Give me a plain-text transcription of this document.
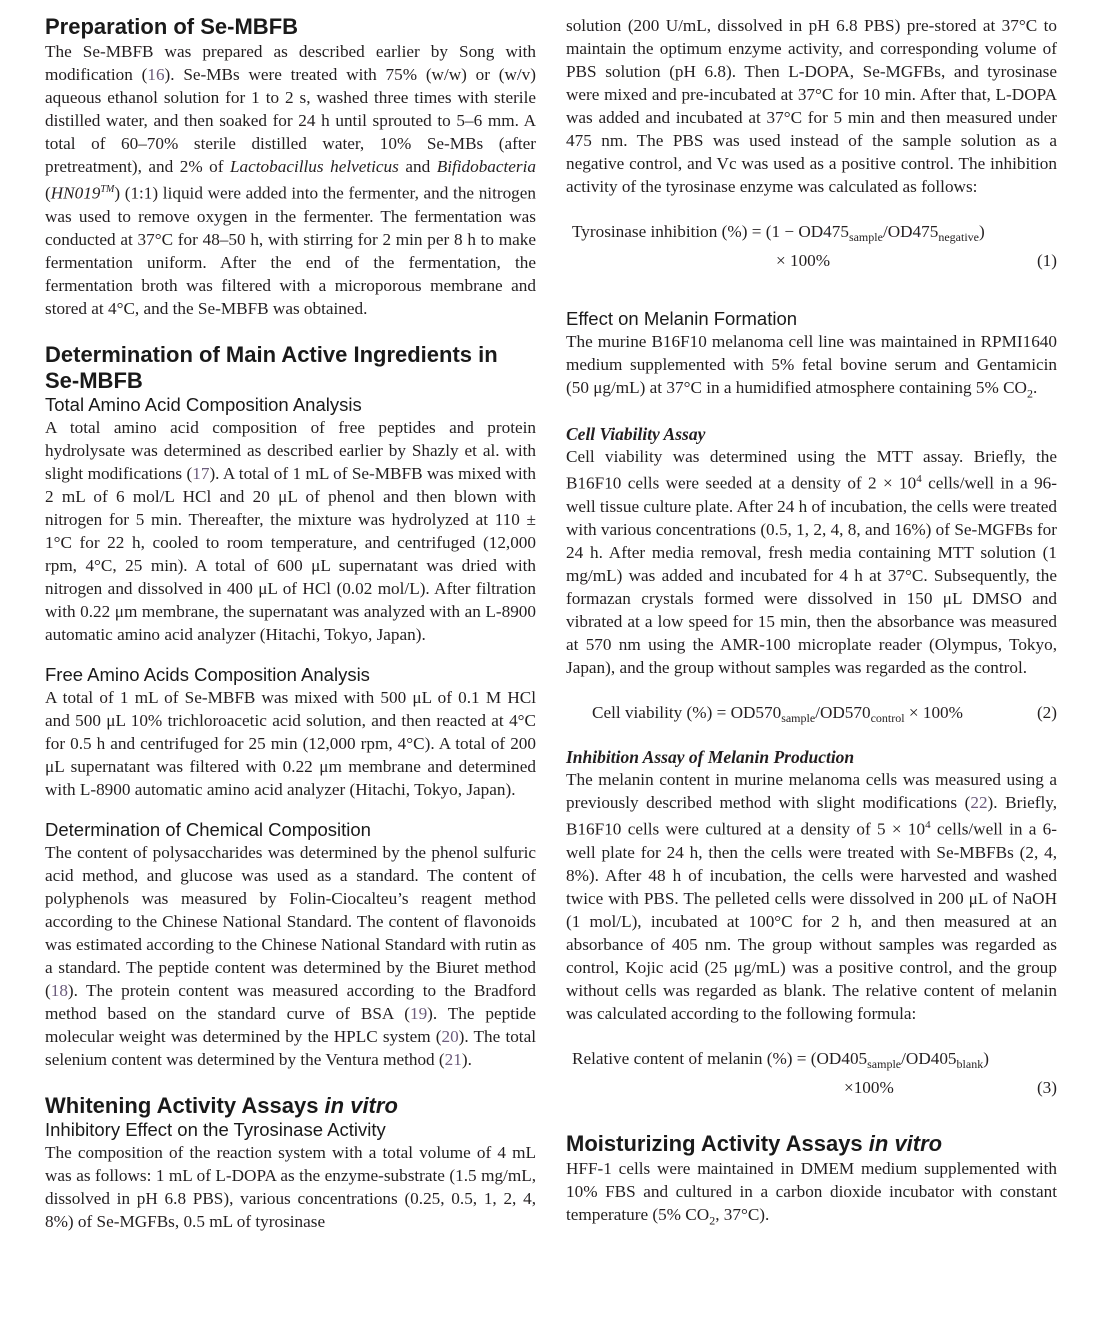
Preparation of Se-MBFB

The Se-MBFB was prepared as described earlier by Song with modification (16). Se-MBs were treated with 75% (w/w) or (w/v) aqueous ethanol solution for 1 to 2 s, washed three times with sterile distilled water, and then soaked for 24 h until sprouted to 5–6 mm. A total of 60–70% sterile distilled water, 10% Se-MBs (after pretreatment), and 2% of Lactobacillus helveticus and Bifidobacteria (HN019™) (1:1) liquid were added into the fermenter, and the nitrogen was used to remove oxygen in the fermenter. The fermentation was conducted at 37°C for 48–50 h, with stirring for 2 min per 8 h to make fermentation uniform. After the end of the fermentation, the fermentation broth was filtered with a microporous membrane and stored at 4°C, and the Se-MBFB was obtained.

Determination of Main Active Ingredients in Se-MBFB
Total Amino Acid Composition Analysis

A total amino acid composition of free peptides and protein hydrolysate was determined as described earlier by Shazly et al. with slight modifications (17). A total of 1 mL of Se-MBFB was mixed with 2 mL of 6 mol/L HCl and 20 μL of phenol and then blown with nitrogen for 5 min. Thereafter, the mixture was hydrolyzed at 110 ± 1°C for 22 h, cooled to room temperature, and centrifuged (12,000 rpm, 4°C, 25 min). A total of 600 μL supernatant was dried with nitrogen and dissolved in 400 μL of HCl (0.02 mol/L). After filtration with 0.22 μm membrane, the supernatant was analyzed with an L-8900 automatic amino acid analyzer (Hitachi, Tokyo, Japan).

Free Amino Acids Composition Analysis

A total of 1 mL of Se-MBFB was mixed with 500 μL of 0.1 M HCl and 500 μL 10% trichloroacetic acid solution, and then reacted at 4°C for 0.5 h and centrifuged for 25 min (12,000 rpm, 4°C). A total of 200 μL supernatant was filtered with 0.22 μm membrane and determined with L-8900 automatic amino acid analyzer (Hitachi, Tokyo, Japan).

Determination of Chemical Composition

The content of polysaccharides was determined by the phenol sulfuric acid method, and glucose was used as a standard. The content of polyphenols was measured by Folin-Ciocalteu’s reagent method according to the Chinese National Standard. The content of flavonoids was estimated according to the Chinese National Standard with rutin as a standard. The peptide content was determined by the Biuret method (18). The protein content was measured according to the Bradford method based on the standard curve of BSA (19). The peptide molecular weight was determined by the HPLC system (20). The total selenium content was determined by the Ventura method (21).

Whitening Activity Assays in vitro
Inhibitory Effect on the Tyrosinase Activity

The composition of the reaction system with a total volume of 4 mL was as follows: 1 mL of L-DOPA as the enzyme-substrate (1.5 mg/mL, dissolved in pH 6.8 PBS), various concentrations (0.25, 0.5, 1, 2, 4, 8%) of Se-MGFBs, 0.5 mL of tyrosinase

solution (200 U/mL, dissolved in pH 6.8 PBS) pre-stored at 37°C to maintain the optimum enzyme activity, and corresponding volume of PBS solution (pH 6.8). Then L-DOPA, Se-MGFBs, and tyrosinase were mixed and pre-incubated at 37°C for 10 min. After that, L-DOPA was added and incubated at 37°C for 5 min and then measured under 475 nm. The PBS was used instead of the sample solution as a negative control, and Vc was used as a positive control. The inhibition activity of the tyrosinase enzyme was calculated as follows:

Tyrosinase inhibition (%) = $(1 - OD475_{sample}/OD475_{negative})$
× 100%	(1)
Effect on Melanin Formation

The murine B16F10 melanoma cell line was maintained in RPMI1640 medium supplemented with 5% fetal bovine serum and Gentamicin (50 μg/mL) at 37°C in a humidified atmosphere containing 5% $CO_2$.

Cell Viability Assay

Cell viability was determined using the MTT assay. Briefly, the B16F10 cells were seeded at a density of $2 \times 10^4$ cells/well in a 96-well tissue culture plate. After 24 h of incubation, the cells were treated with various concentrations (0.5, 1, 2, 4, 8, and 16%) of Se-MGFBs for 24 h. After media removal, fresh media containing MTT solution (1 mg/mL) was added and incubated for 4 h at 37°C. Subsequently, the formazan crystals formed were dissolved in 150 μL DMSO and vibrated at a low speed for 15 min, then the absorbance was measured at 570 nm using the AMR-100 microplate reader (Olympus, Tokyo, Japan), and the group without samples was regarded as the control.

Cell viability (%) = $OD570_{sample}/OD570_{control} \times 100\%$	(2)
Inhibition Assay of Melanin Production

The melanin content in murine melanoma cells was measured using a previously described method with slight modifications (22). Briefly, B16F10 cells were cultured at a density of $5 \times 10^4$ cells/well in a 6-well plate for 24 h, then the cells were treated with Se-MBFBs (2, 4, 8%). After 48 h of incubation, the cells were harvested and washed twice with PBS. The pelleted cells were dissolved in 200 μL of NaOH (1 mol/L), incubated at 100°C for 2 h, and then measured at an absorbance of 405 nm. The group without samples was regarded as control, Kojic acid (25 μg/mL) was a positive control, and the group without cells was regarded as blank. The relative content of melanin was calculated according to the following formula:

Relative content of melanin (%) = $(OD405_{sample}/OD405_{blank})$
×100%	(3)
Moisturizing Activity Assays in vitro

HFF-1 cells were maintained in DMEM medium supplemented with 10% FBS and cultured in a carbon dioxide incubator with constant temperature (5% $CO_2$, 37°C).
